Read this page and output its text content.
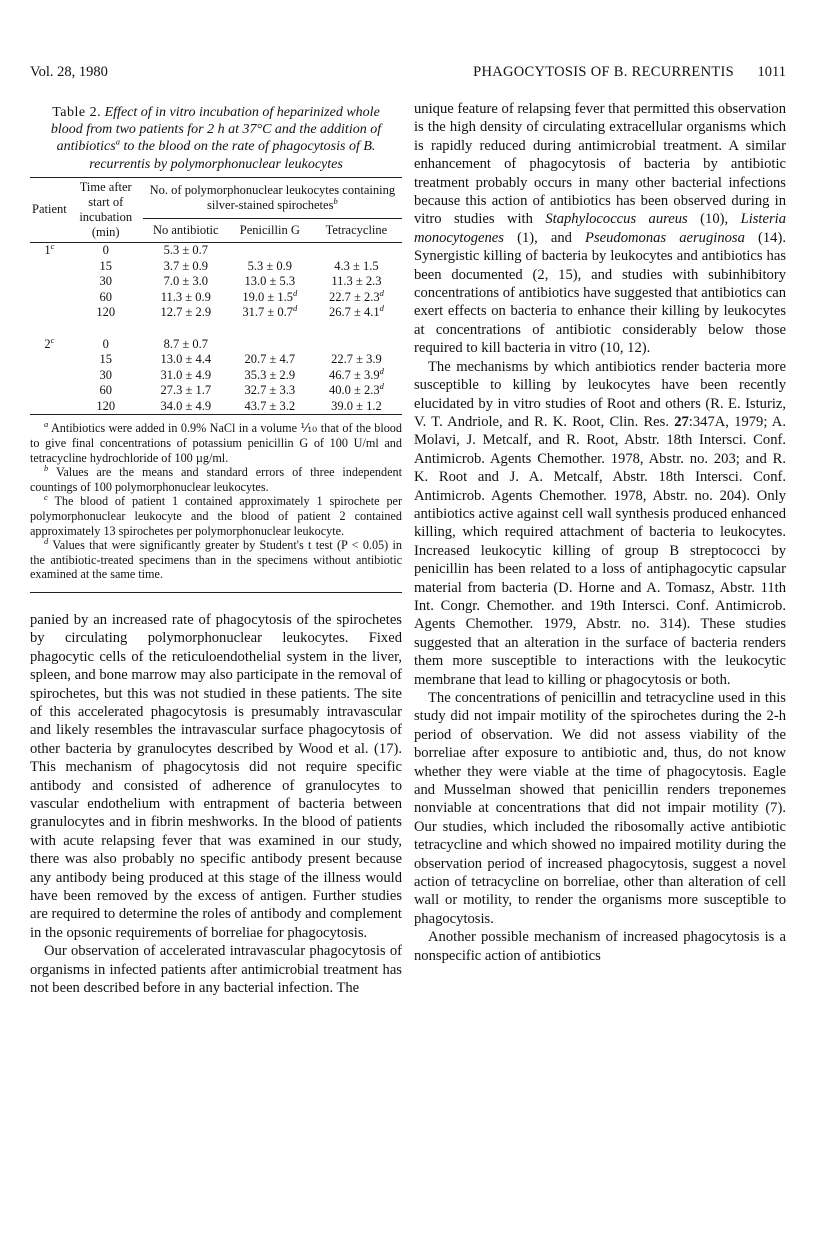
Vol. 28, 1980	PHAGOCYTOSIS OF B. RECURRENTIS 1011
Table 2. Effect of in vitro incubation of heparinized whole blood from two patients for 2 h at 37°C and the addition of antibiotics$^a$ to the blood on the rate of phagocytosis of B. recurrentis by polymorphonuclear leukocytes
Patient	Time after start of incubation (min)	No. of polymorphonuclear leukocytes containing silver-stained spirochetes$^b$
		No antibiotic	Penicillin G	Tetracycline
1$^c$	0	5.3 ± 0.7		
	15	3.7 ± 0.9	5.3 ± 0.9	4.3 ± 1.5
	30	7.0 ± 3.0	13.0 ± 5.3	11.3 ± 2.3
	60	11.3 ± 0.9	19.0 ± 1.5$^d$	22.7 ± 2.3$^d$
	120	12.7 ± 2.9	31.7 ± 0.7$^d$	26.7 ± 4.1$^d$

2$^c$	0	8.7 ± 0.7		
	15	13.0 ± 4.4	20.7 ± 4.7	22.7 ± 3.9
	30	31.0 ± 4.9	35.3 ± 2.9	46.7 ± 3.9$^d$
	60	27.3 ± 1.7	32.7 ± 3.3	40.0 ± 2.3$^d$
	120	34.0 ± 4.9	43.7 ± 3.2	39.0 ± 1.2

$^a$ Antibiotics were added in 0.9% NaCl in a volume ⅒ that of the blood to give final concentrations of potassium penicillin G of 100 U/ml and tetracycline hydrochloride of 100 µg/ml.

$^b$ Values are the means and standard errors of three independent countings of 100 polymorphonuclear leukocytes.

$^c$ The blood of patient 1 contained approximately 1 spirochete per polymorphonuclear leukocyte and the blood of patient 2 contained approximately 13 spirochetes per polymorphonuclear leukocyte.

$^d$ Values that were significantly greater by Student's t test (P < 0.05) in the antibiotic-treated specimens than in the specimens without antibiotic examined at the same time.

panied by an increased rate of phagocytosis of the spirochetes by circulating polymorphonuclear leukocytes. Fixed phagocytic cells of the reticuloendothelial system in the liver, spleen, and bone marrow may also participate in the removal of spirochetes, but this was not studied in these patients. The site of this accelerated phagocytosis is presumably intravascular and likely resembles the intravascular surface phagocytosis of other bacteria by granulocytes described by Wood et al. (17). This mechanism of phagocytosis did not require specific antibody and consisted of adherence of granulocytes to vascular endothelium with entrapment of bacteria between granulocytes and in fibrin meshworks. In the blood of patients with acute relapsing fever that was examined in our study, there was also probably no specific antibody present because any antibody being produced at this stage of the illness would have been removed by the excess of antigen. Further studies are required to determine the roles of antibody and complement in the opsonic requirements of borreliae for phagocytosis.

Our observation of accelerated intravascular phagocytosis of organisms in infected patients after antimicrobial treatment has not been described before in any bacterial infection. The

unique feature of relapsing fever that permitted this observation is the high density of circulating extracellular organisms which is rapidly reduced during antimicrobial treatment. A similar enhancement of phagocytosis of bacteria by antibiotic treatment probably occurs in many other bacterial infections because this action of antibiotics has been observed during in vitro studies with Staphylococcus aureus (10), Listeria monocytogenes (1), and Pseudomonas aeruginosa (14). Synergistic killing of bacteria by leukocytes and antibiotics has been documented (2, 15), and studies with subinhibitory concentrations of antibiotics have suggested that antibiotics can exert effects on bacteria to enhance their killing by leukocytes at concentrations of antibiotic considerably below those required to kill bacteria in vitro (10, 12).

The mechanisms by which antibiotics render bacteria more susceptible to killing by leukocytes have been recently elucidated by in vitro studies of Root and others (R. E. Isturiz, V. T. Andriole, and R. K. Root, Clin. Res. 27:347A, 1979; A. Molavi, J. Metcalf, and R. Root, Abstr. 18th Intersci. Conf. Antimicrob. Agents Chemother. 1978, Abstr. no. 203; and R. K. Root and J. A. Metcalf, Abstr. 18th Intersci. Conf. Antimicrob. Agents Chemother. 1978, Abstr. no. 204). Only antibiotics active against cell wall synthesis produced enhanced killing, which required attachment of bacteria to leukocytes. Increased leukocytic killing of group B streptococci by penicillin has been related to a loss of antiphagocytic capsular material from bacteria (D. Horne and A. Tomasz, Abstr. 11th Int. Congr. Chemother. and 19th Intersci. Conf. Antimicrob. Agents Chemother. 1979, Abstr. no. 314). These studies suggested that an alteration in the surface of bacteria renders them more susceptible to interactions with the leukocytic membrane that lead to killing or phagocytosis or both.

The concentrations of penicillin and tetracycline used in this study did not impair motility of the spirochetes during the 2-h period of observation. We did not assess viability of the borreliae after exposure to antibiotic and, thus, do not know whether they were viable at the time of phagocytosis. Eagle and Musselman showed that penicillin renders treponemes nonviable at concentrations that did not impair motility (7). Our studies, which included the ribosomally active antibiotic tetracycline and which showed no impaired motility during the observation period of increased phagocytosis, suggest a novel action of tetracycline on borreliae, other than alteration of cell wall or motility, to render the organisms more susceptible to phagocytosis.

Another possible mechanism of increased phagocytosis is a nonspecific action of antibiotics
